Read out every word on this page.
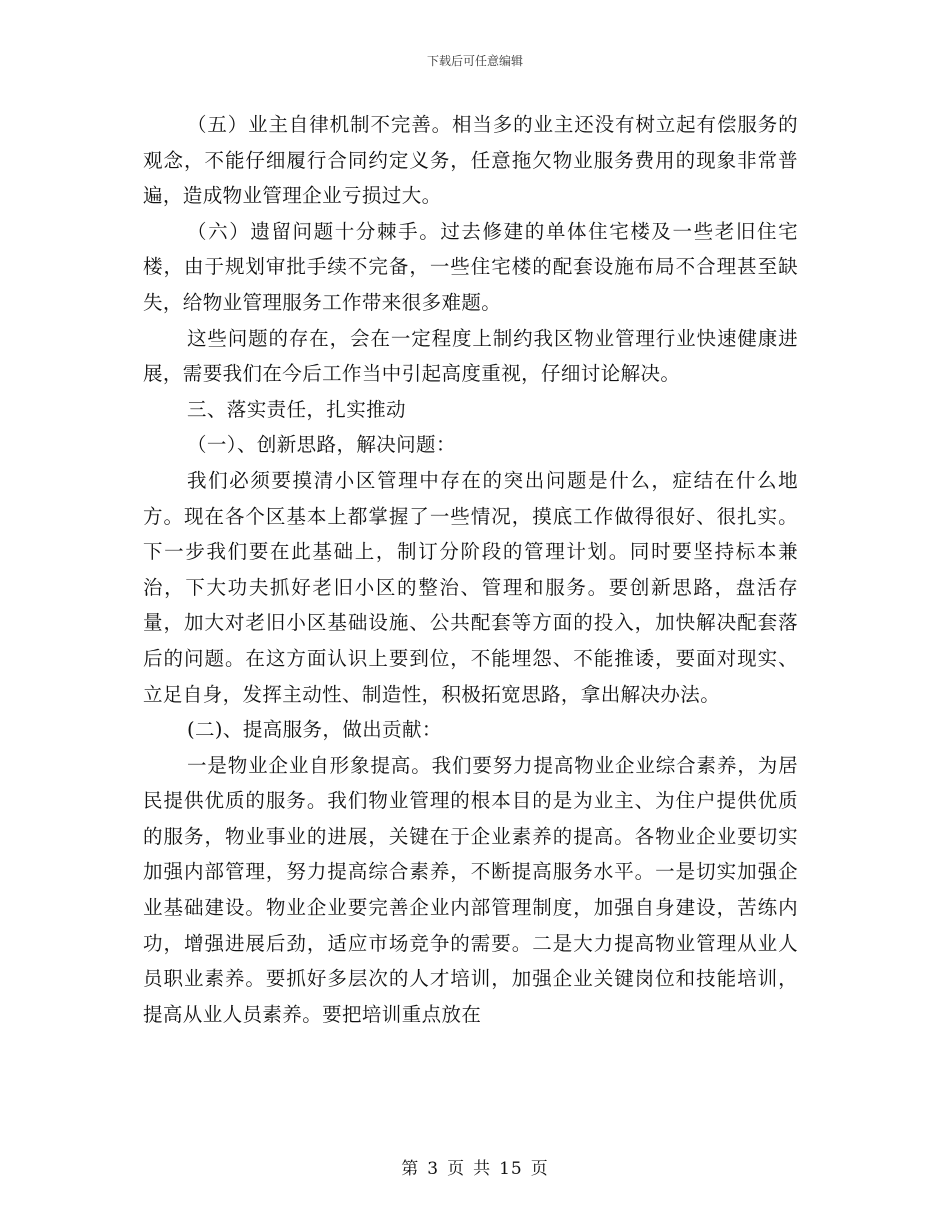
下载后可任意编辑

（五）业主自律机制不完善。相当多的业主还没有树立起有偿服务的观念，不能仔细履行合同约定义务，任意拖欠物业服务费用的现象非常普遍，造成物业管理企业亏损过大。

（六）遗留问题十分棘手。过去修建的单体住宅楼及一些老旧住宅楼，由于规划审批手续不完备，一些住宅楼的配套设施布局不合理甚至缺失，给物业管理服务工作带来很多难题。

这些问题的存在，会在一定程度上制约我区物业管理行业快速健康进展，需要我们在今后工作当中引起高度重视，仔细讨论解决。

三、落实责任，扎实推动

（一）、创新思路，解决问题：

我们必须要摸清小区管理中存在的突出问题是什么，症结在什么地方。现在各个区基本上都掌握了一些情况，摸底工作做得很好、很扎实。下一步我们要在此基础上，制订分阶段的管理计划。同时要坚持标本兼治，下大功夫抓好老旧小区的整治、管理和服务。要创新思路，盘活存量，加大对老旧小区基础设施、公共配套等方面的投入，加快解决配套落后的问题。在这方面认识上要到位，不能埋怨、不能推诿，要面对现实、立足自身，发挥主动性、制造性，积极拓宽思路，拿出解决办法。

(二)、提高服务，做出贡献：

一是物业企业自形象提高。我们要努力提高物业企业综合素养，为居民提供优质的服务。我们物业管理的根本目的是为业主、为住户提供优质的服务，物业事业的进展，关键在于企业素养的提高。各物业企业要切实加强内部管理，努力提高综合素养，不断提高服务水平。一是切实加强企业基础建设。物业企业要完善企业内部管理制度，加强自身建设，苦练内功，增强进展后劲，适应市场竞争的需要。二是大力提高物业管理从业人员职业素养。要抓好多层次的人才培训，加强企业关键岗位和技能培训，提高从业人员素养。要把培训重点放在

第 3 页 共 15 页
